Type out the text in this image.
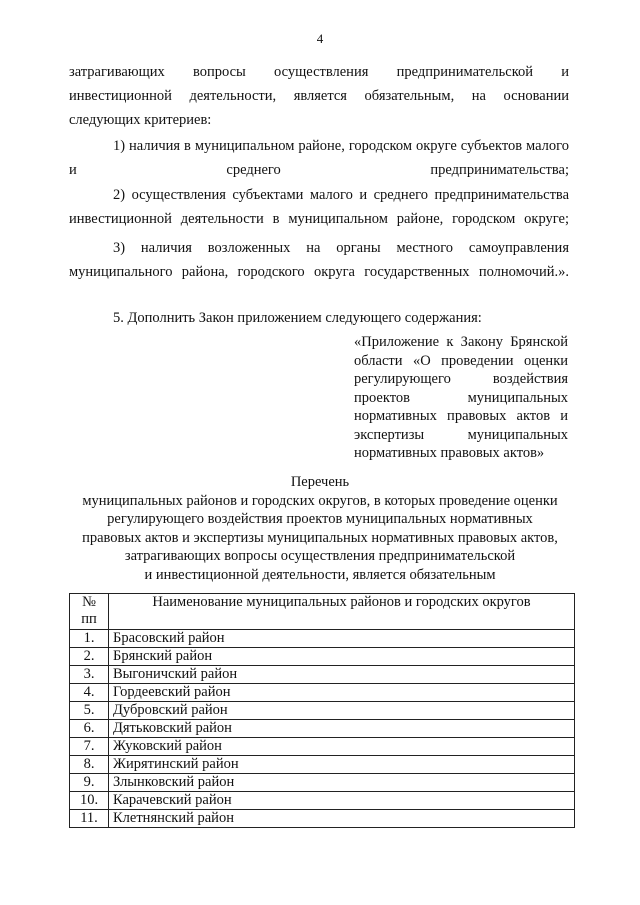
4
затрагивающих вопросы осуществления предпринимательской и
инвестиционной деятельности, является обязательным, на основании
следующих критериев:
1) наличия в муниципальном районе, городском округе субъектов малого и среднего предпринимательства;
2) осуществления субъектами малого и среднего предпринимательства инвестиционной деятельности в муниципальном районе, городском округе;
3) наличия возложенных на органы местного самоуправления муниципального района, городского округа государственных полномочий.».
5. Дополнить Закон приложением следующего содержания:
«Приложение к Закону Брянской области «О проведении оценки регулирующего воздействия проектов муниципальных нормативных правовых актов и экспертизы муниципальных
нормативных правовых актов»
Перечень
муниципальных районов и городских округов, в которых проведение оценки
регулирующего воздействия проектов муниципальных нормативных
правовых актов и экспертизы муниципальных нормативных правовых актов,
затрагивающих вопросы осуществления предпринимательской
и инвестиционной деятельности, является обязательным
№
пп	Наименование муниципальных районов и городских округов
1.	Брасовский район
2.	Брянский район
3.	Выгоничский район
4.	Гордеевский район
5.	Дубровский район
6.	Дятьковский район
7.	Жуковский район
8.	Жирятинский район
9.	Злынковский район
10.	Карачевский район
11.	Клетнянский район
